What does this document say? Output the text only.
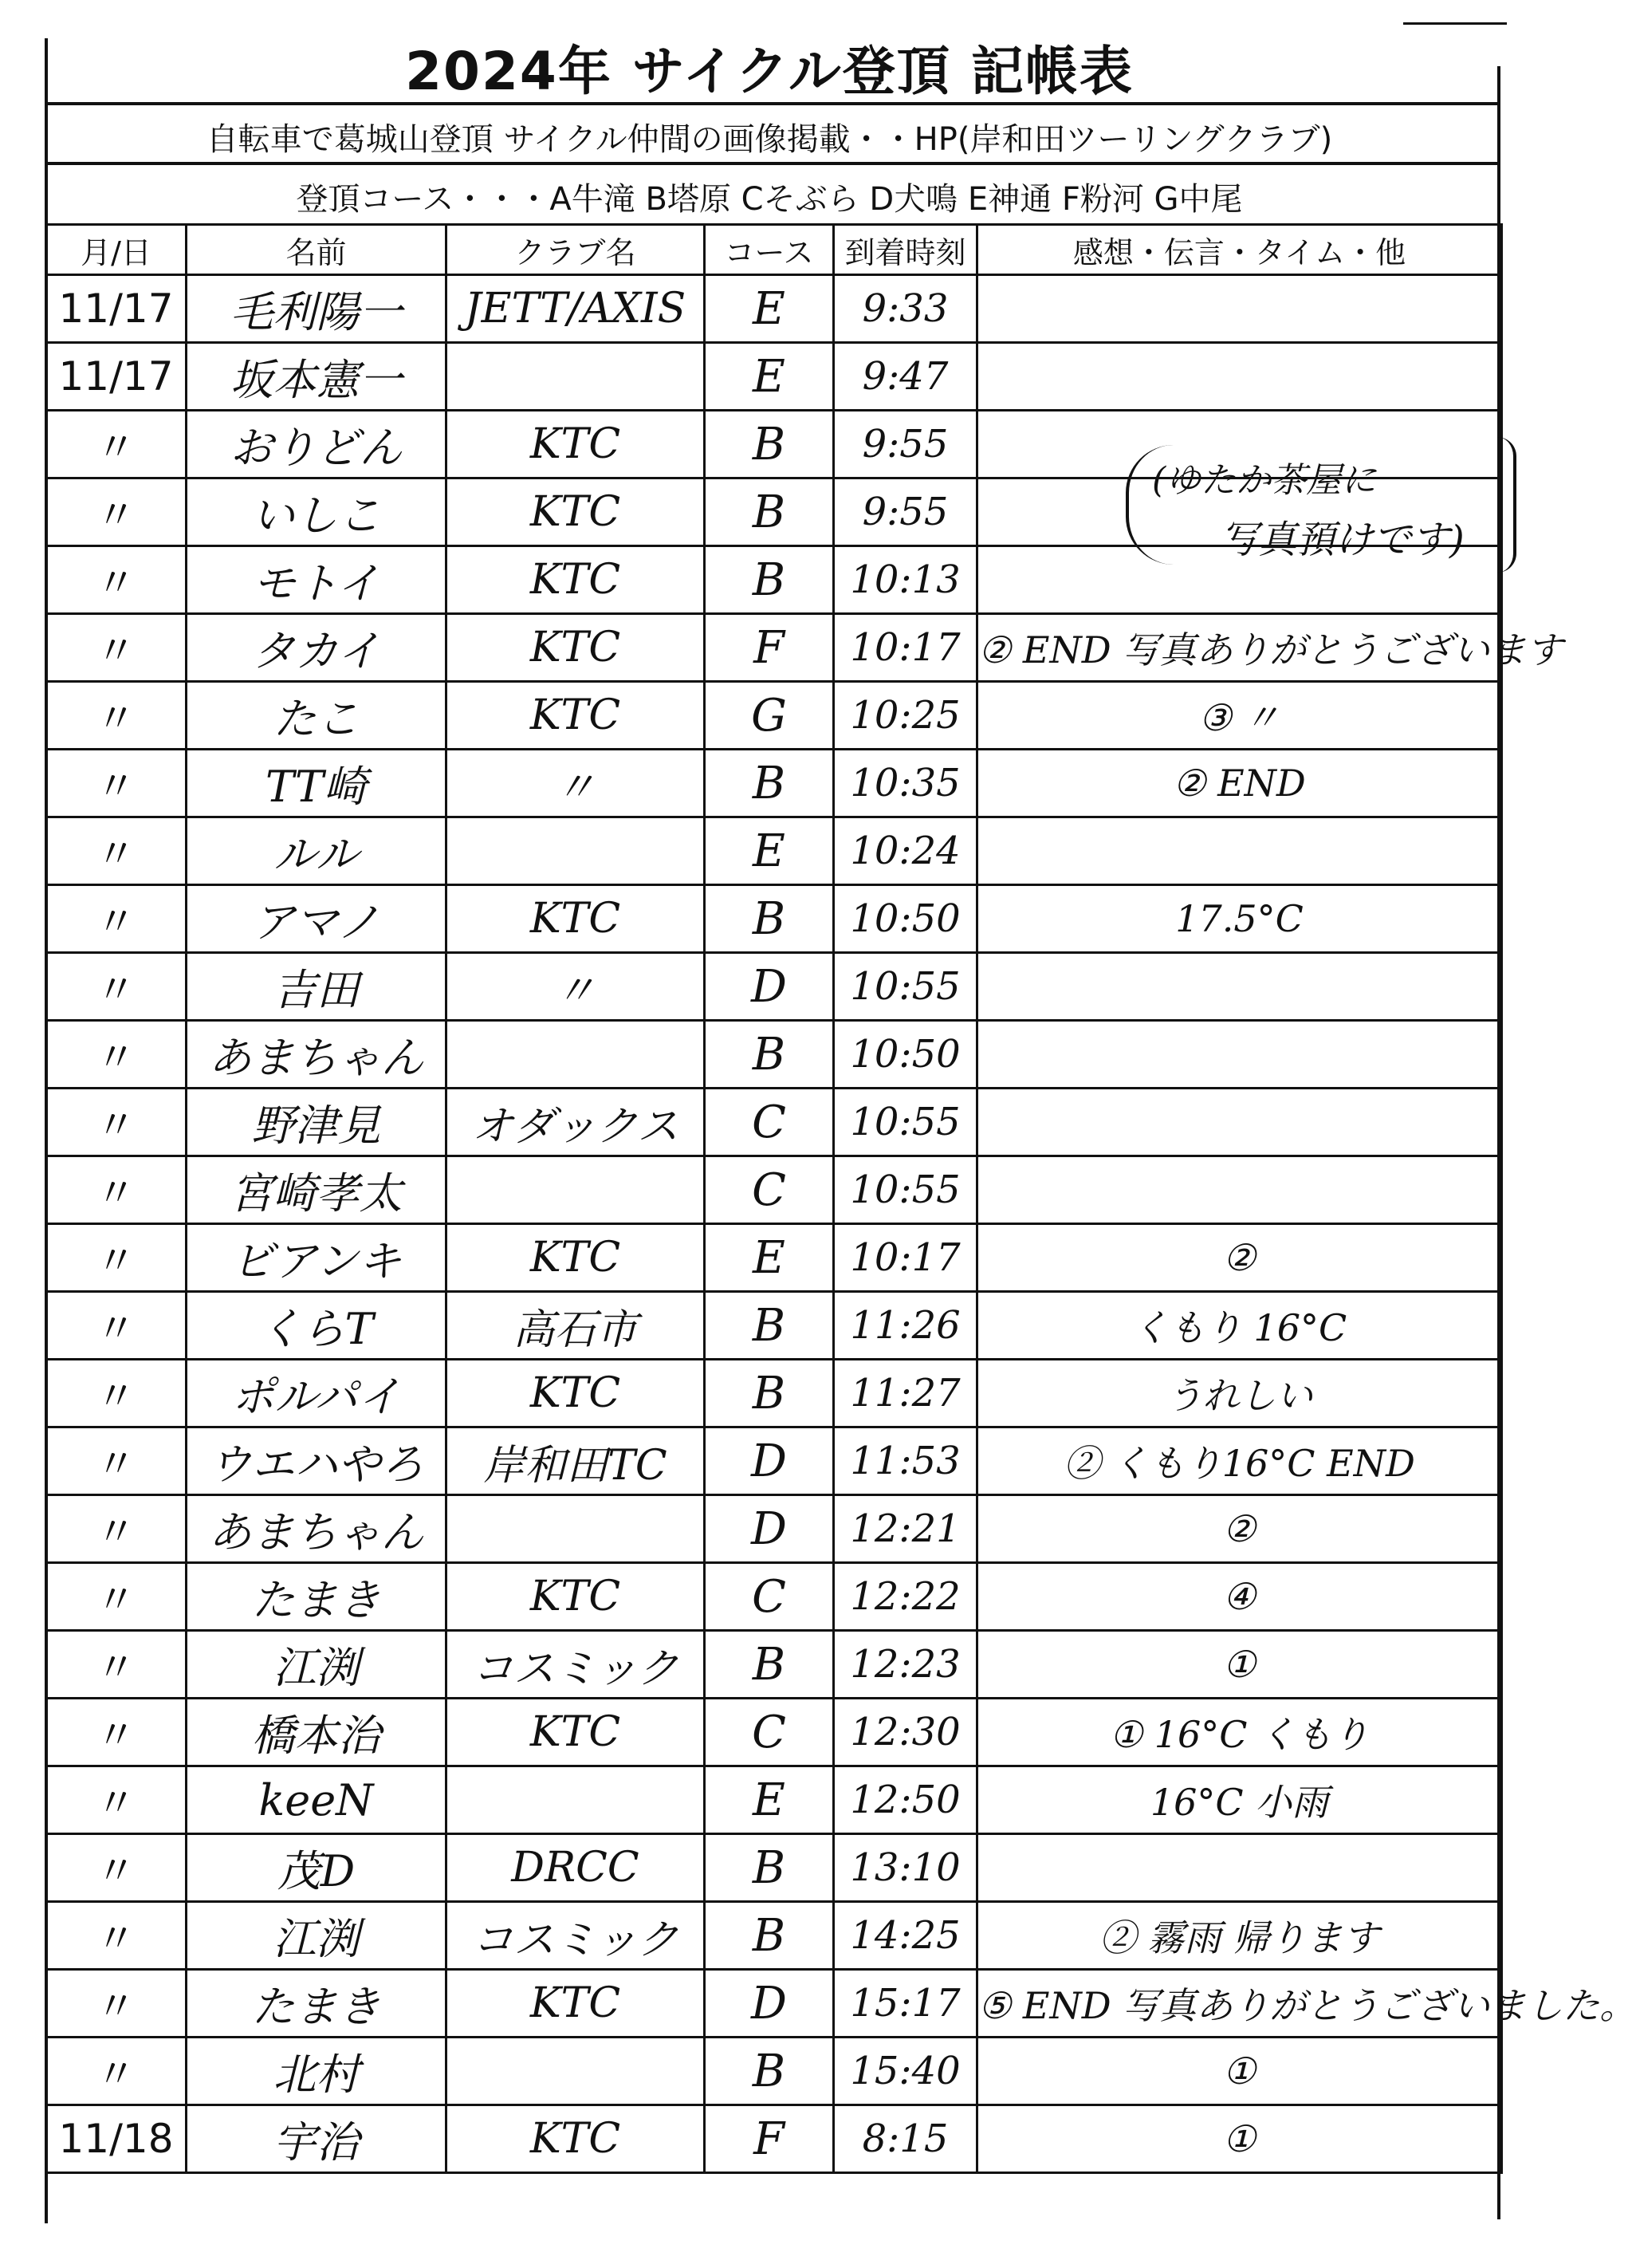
2024年 サイクル登頂 記帳表
自転車で葛城山登頂 サイクル仲間の画像掲載・・HP(岸和田ツーリングクラブ)
登頂コース・・・A牛滝 B塔原 Cそぶら D犬鳴 E神通 F粉河 G中尾
月/日	名前	クラブ名	コース	到着時刻	感想・伝言・タイム・他
11/17	毛利陽一	JETT/AXIS	E	9:33	
11/17	坂本憲一		E	9:47	
〃	おりどん	KTC	B	9:55	
〃	いしこ	KTC	B	9:55	
〃	モトイ	KTC	B	10:13	
〃	タカイ	KTC	F	10:17	② END 写真ありがとうございます
〃	たこ	KTC	G	10:25	③ 〃
〃	TT崎	〃	B	10:35	② END
〃	ルル		E	10:24	
〃	アマノ	KTC	B	10:50	17.5°C
〃	吉田	〃	D	10:55	
〃	あまちゃん		B	10:50	
〃	野津見	オダックス	C	10:55	
〃	宮崎孝太		C	10:55	
〃	ビアンキ	KTC	E	10:17	②
〃	くらT	高石市	B	11:26	くもり 16°C
〃	ポルパイ	KTC	B	11:27	うれしい
〃	ウエハやろ	岸和田TC	D	11:53	② くもり16°C END
〃	あまちゃん		D	12:21	②
〃	たまき	KTC	C	12:22	④
〃	江渕	コスミック	B	12:23	①
〃	橋本治	KTC	C	12:30	① 16°C くもり
〃	keeN		E	12:50	16°C 小雨
〃	茂D	DRCC	B	13:10	
〃	江渕	コスミック	B	14:25	② 霧雨 帰ります
〃	たまき	KTC	D	15:17	⑤ END 写真ありがとうございました。
〃	北村		B	15:40	①
11/18	宇治	KTC	F	8:15	①
(ゆたか茶屋に
写真預けです)
